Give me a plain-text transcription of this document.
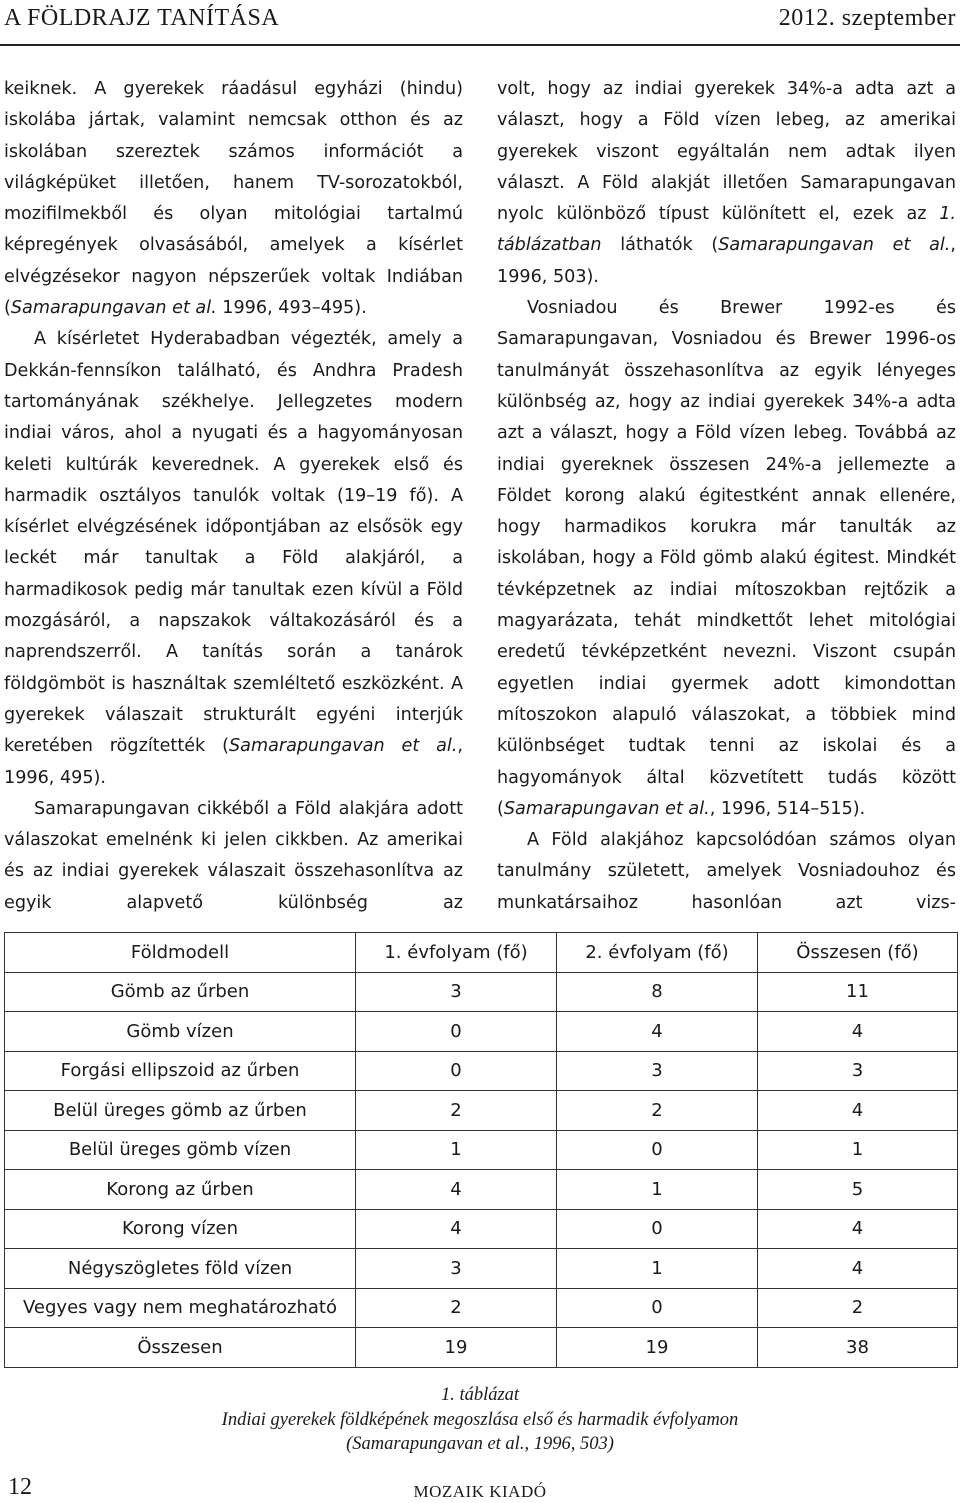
A FÖLDRAJZ TANÍTÁSA	2012. szeptember

keiknek. A gyerekek ráadásul egyházi (hindu) iskolába jártak, valamint nemcsak otthon és az iskolában szereztek számos információt a világképüket illetően, hanem TV-sorozatokból, mozifilmekből és olyan mitológiai tartalmú képregények olvasásából, amelyek a kísérlet elvégzésekor nagyon népszerűek voltak Indiában (Samarapungavan et al. 1996, 493–495).

A kísérletet Hyderabadban végezték, amely a Dekkán-fennsíkon található, és Andhra Pradesh tartományának székhelye. Jellegzetes modern indiai város, ahol a nyugati és a hagyományosan keleti kultúrák keverednek. A gyerekek első és harmadik osztályos tanulók voltak (19–19 fő). A kísérlet elvégzésének időpontjában az elsősök egy leckét már tanultak a Föld alakjáról, a harmadikosok pedig már tanultak ezen kívül a Föld mozgásáról, a napszakok váltakozásáról és a naprendszerről. A tanítás során a tanárok földgömböt is használtak szemléltető eszközként. A gyerekek válaszait strukturált egyéni interjúk keretében rögzítették (Samarapungavan et al., 1996, 495).

Samarapungavan cikkéből a Föld alakjára adott válaszokat emelnénk ki jelen cikkben. Az amerikai és az indiai gyerekek válaszait összehasonlítva az egyik alapvető különbség az

volt, hogy az indiai gyerekek 34%-a adta azt a választ, hogy a Föld vízen lebeg, az amerikai gyerekek viszont egyáltalán nem adtak ilyen választ. A Föld alakját illetően Samarapungavan nyolc különböző típust különített el, ezek az 1. táblázatban láthatók (Samarapungavan et al., 1996, 503).

Vosniadou és Brewer 1992-es és Samarapungavan, Vosniadou és Brewer 1996-os tanulmányát összehasonlítva az egyik lényeges különbség az, hogy az indiai gyerekek 34%-a adta azt a választ, hogy a Föld vízen lebeg. Továbbá az indiai gyereknek összesen 24%-a jellemezte a Földet korong alakú égitestként annak ellenére, hogy harmadikos korukra már tanulták az iskolában, hogy a Föld gömb alakú égitest. Mindkét tévképzetnek az indiai mítoszokban rejtőzik a magyarázata, tehát mindkettőt lehet mitológiai eredetű tévképzetként nevezni. Viszont csupán egyetlen indiai gyermek adott kimondottan mítoszokon alapuló válaszokat, a többiek mind különbséget tudtak tenni az iskolai és a hagyományok által közvetített tudás között (Samarapungavan et al., 1996, 514–515).

A Föld alakjához kapcsolódóan számos olyan tanulmány született, amelyek Vosniadouhoz és munkatársaihoz hasonlóan azt vizs-

Földmodell	1. évfolyam (fő)	2. évfolyam (fő)	Összesen (fő)
Gömb az űrben	3	8	11
Gömb vízen	0	4	4
Forgási ellipszoid az űrben	0	3	3
Belül üreges gömb az űrben	2	2	4
Belül üreges gömb vízen	1	0	1
Korong az űrben	4	1	5
Korong vízen	4	0	4
Négyszögletes föld vízen	3	1	4
Vegyes vagy nem meghatározható	2	0	2
Összesen	19	19	38
1. táblázat
Indiai gyerekek földképének megoszlása első és harmadik évfolyamon
(Samarapungavan et al., 1996, 503)
12	MOZAIK KIADÓ
